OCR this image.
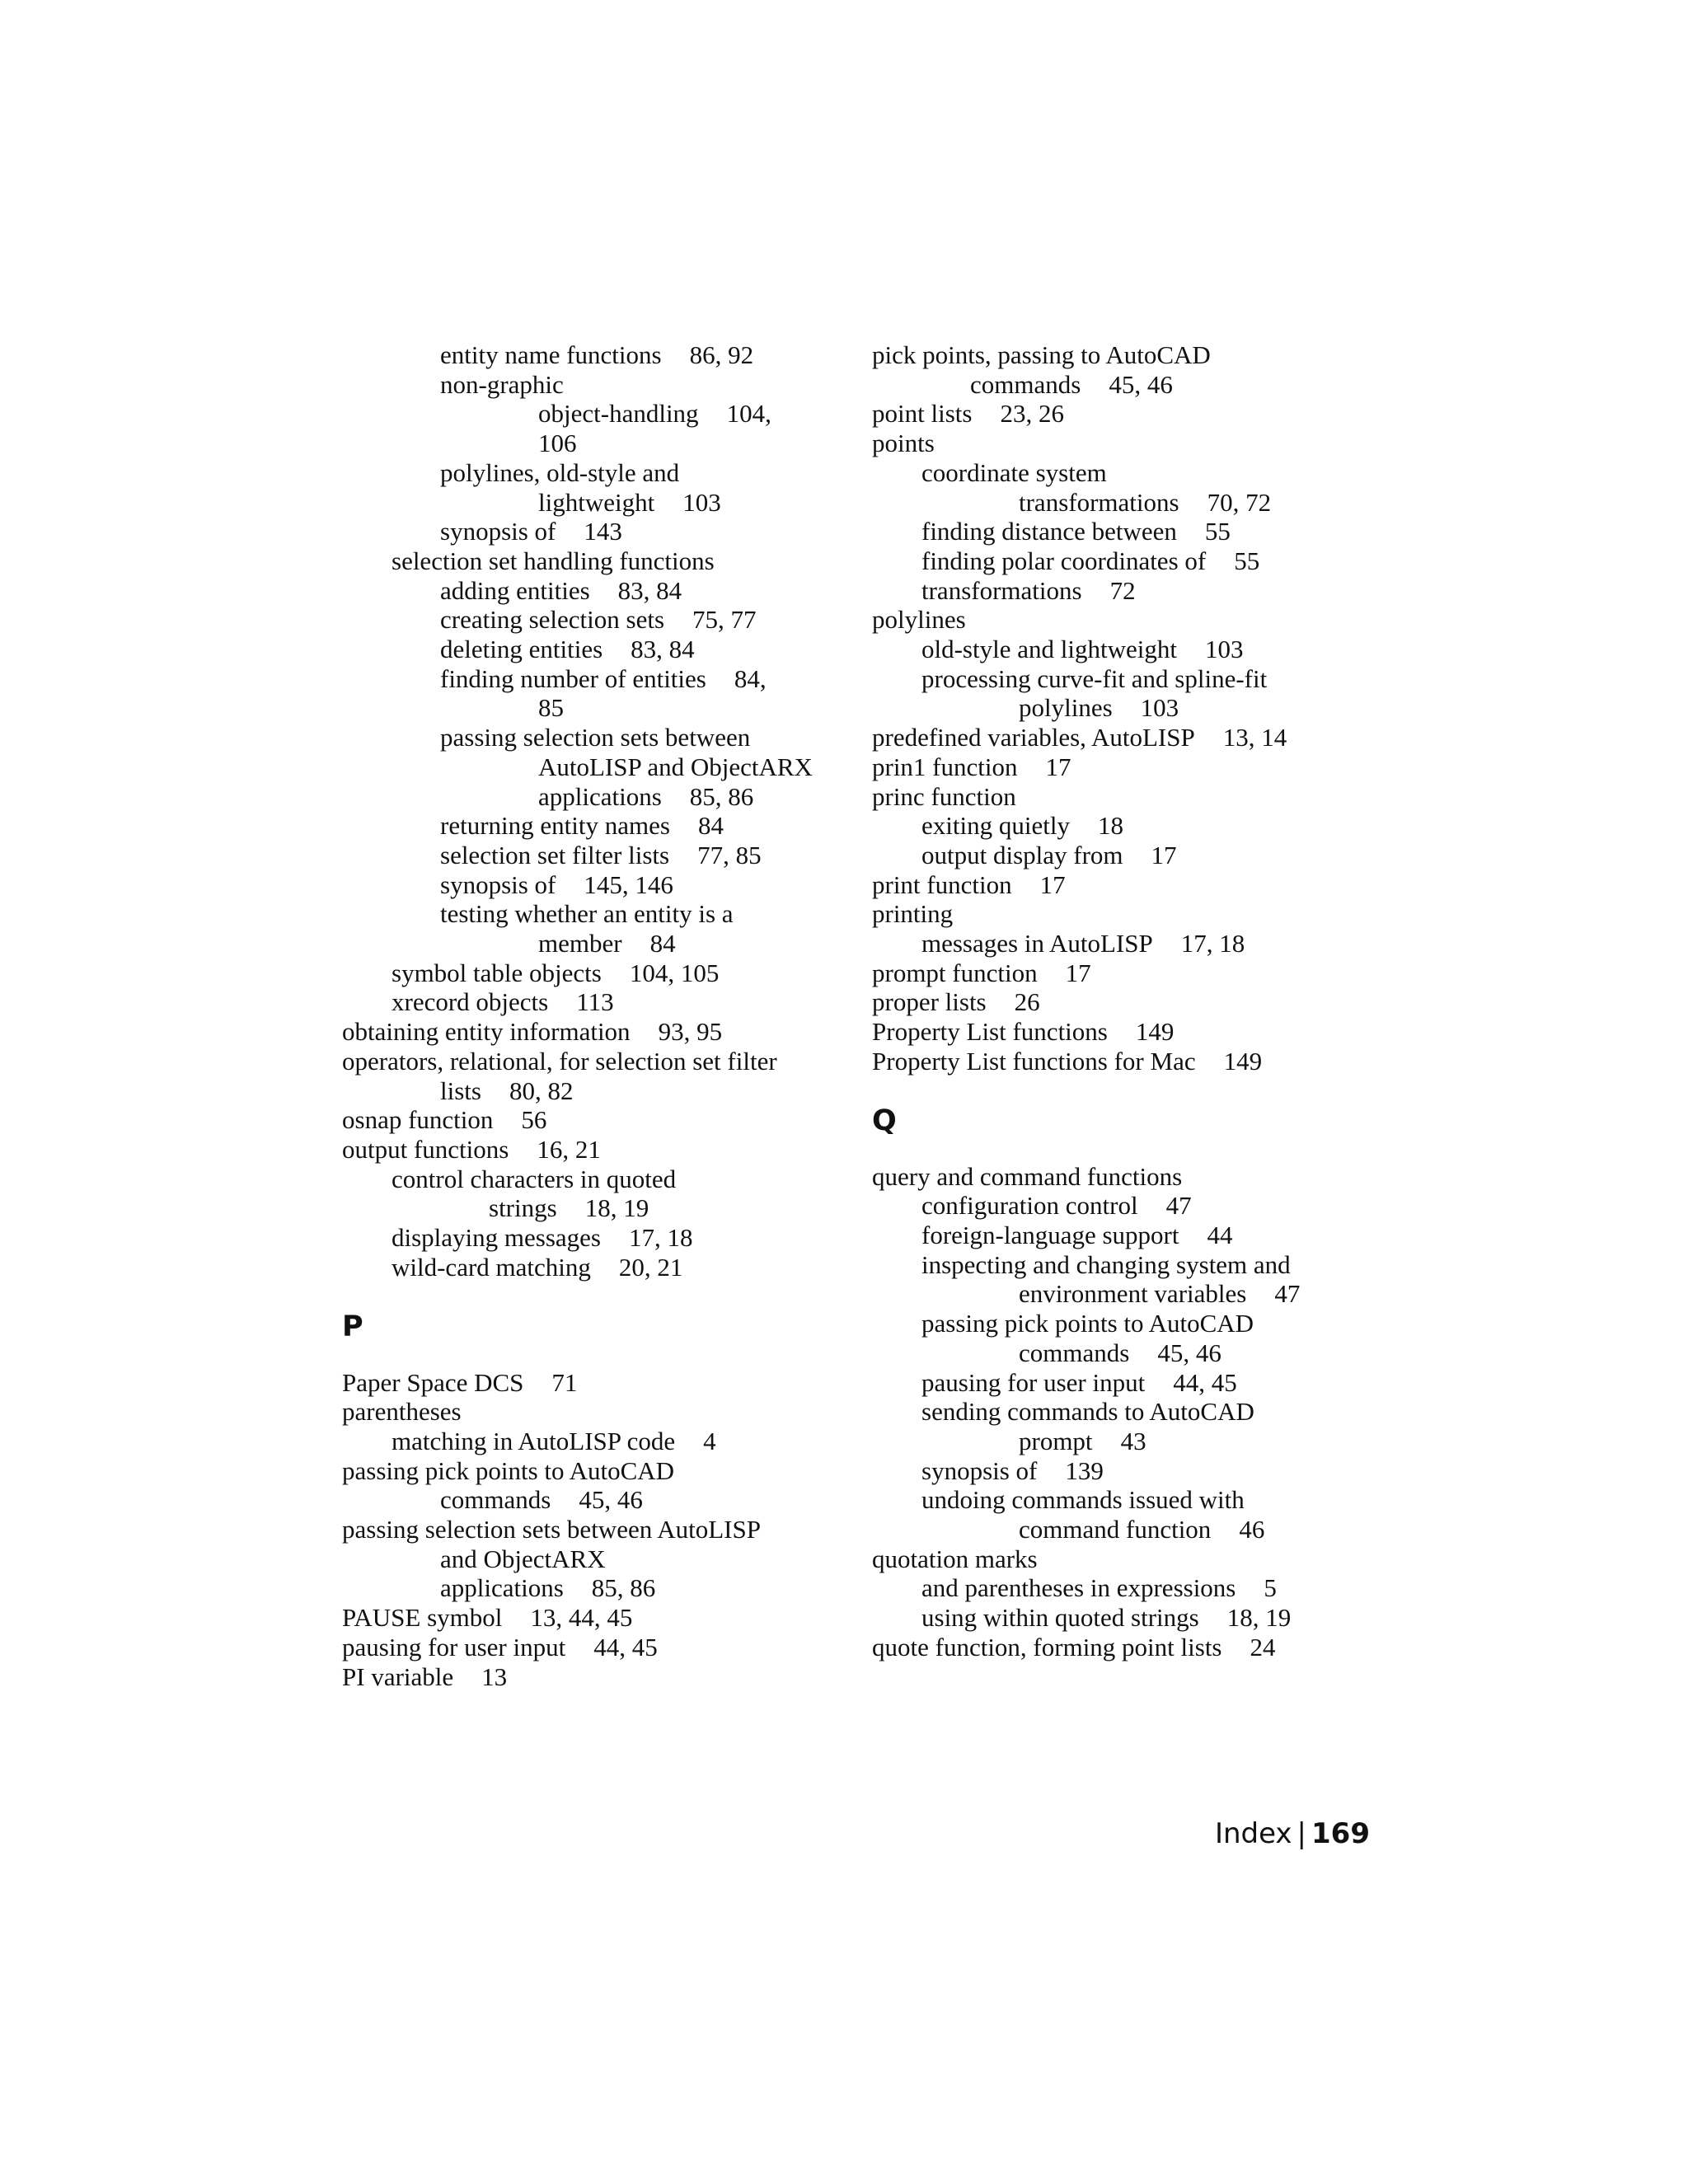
entity name functions 86, 92
non-graphic
object-handling 104,
106
polylines, old-style and
lightweight 103
synopsis of 143
selection set handling functions
adding entities 83, 84
creating selection sets 75, 77
deleting entities 83, 84
finding number of entities 84,
85
passing selection sets between
AutoLISP and ObjectARX
applications 85, 86
returning entity names 84
selection set filter lists 77, 85
synopsis of 145, 146
testing whether an entity is a
member 84
symbol table objects 104, 105
xrecord objects 113
obtaining entity information 93, 95
operators, relational, for selection set filter
lists 80, 82
osnap function 56
output functions 16, 21
control characters in quoted
strings 18, 19
displaying messages 17, 18
wild-card matching 20, 21
P
Paper Space DCS 71
parentheses
matching in AutoLISP code 4
passing pick points to AutoCAD
commands 45, 46
passing selection sets between AutoLISP
and ObjectARX
applications 85, 86
PAUSE symbol 13, 44, 45
pausing for user input 44, 45
PI variable 13
pick points, passing to AutoCAD
commands 45, 46
point lists 23, 26
points
coordinate system
transformations 70, 72
finding distance between 55
finding polar coordinates of 55
transformations 72
polylines
old-style and lightweight 103
processing curve-fit and spline-fit
polylines 103
predefined variables, AutoLISP 13, 14
prin1 function 17
princ function
exiting quietly 18
output display from 17
print function 17
printing
messages in AutoLISP 17, 18
prompt function 17
proper lists 26
Property List functions 149
Property List functions for Mac 149
Q
query and command functions
configuration control 47
foreign-language support 44
inspecting and changing system and
environment variables 47
passing pick points to AutoCAD
commands 45, 46
pausing for user input 44, 45
sending commands to AutoCAD
prompt 43
synopsis of 139
undoing commands issued with
command function 46
quotation marks
and parentheses in expressions 5
using within quoted strings 18, 19
quote function, forming point lists 24
Index | 169
